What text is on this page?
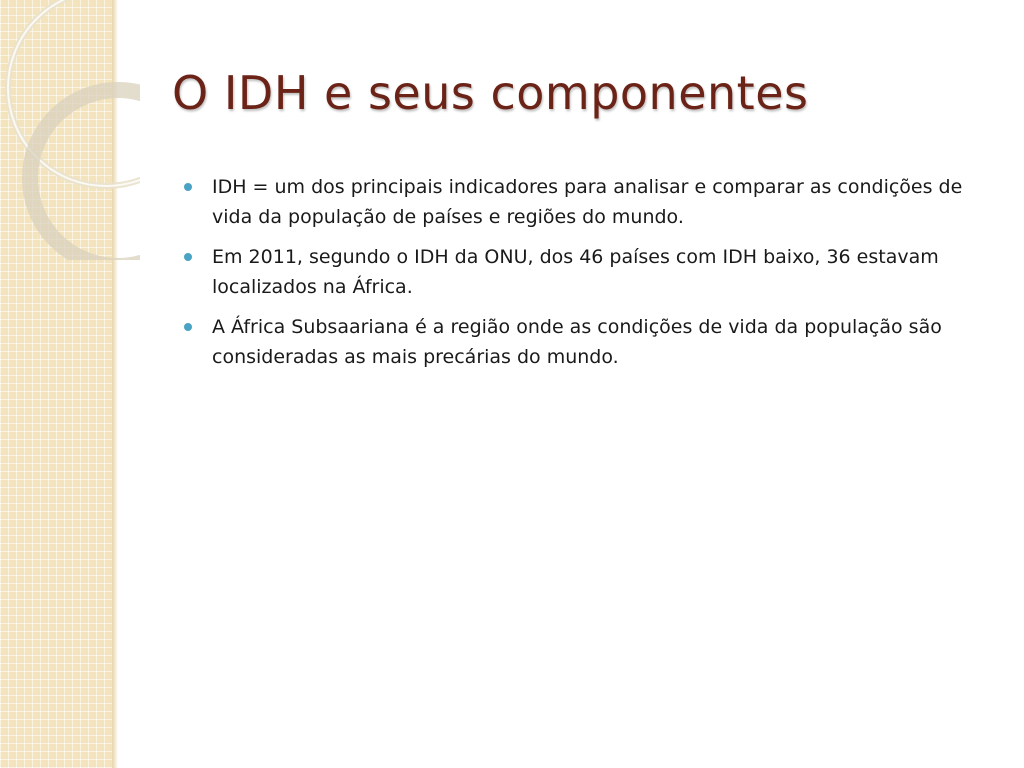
O IDH e seus componentes
IDH = um dos principais indicadores para analisar e comparar as condições de vida da população de países e regiões do mundo.
Em 2011, segundo o IDH da ONU, dos 46 países com IDH baixo, 36 estavam localizados na África.
A África Subsaariana é a região onde as condições de vida da população são consideradas as mais precárias do mundo.
